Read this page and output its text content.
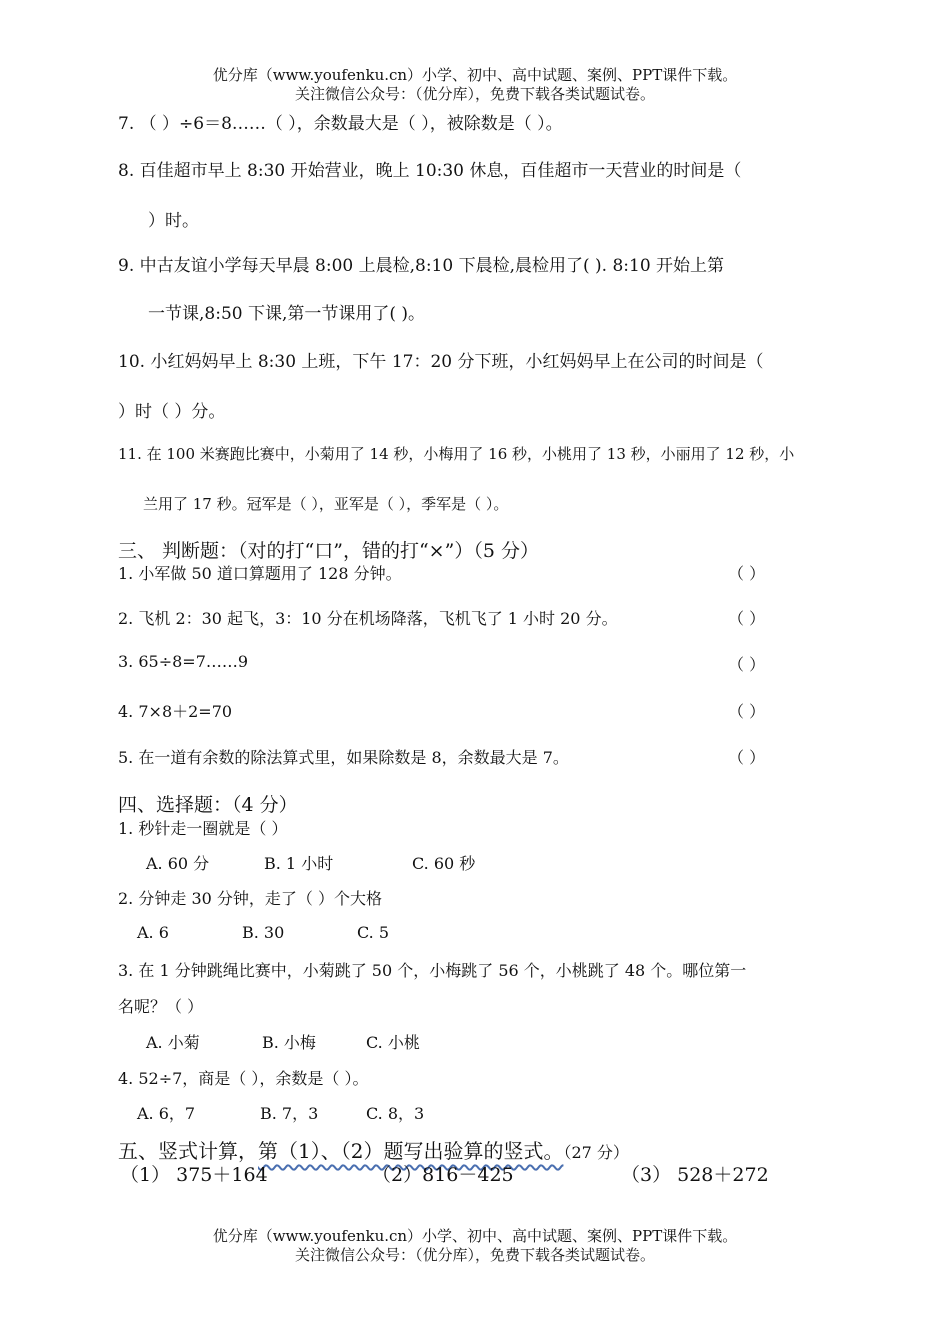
优分库（www.youfenku.cn）小学、初中、高中试题、案例、PPT课件下载。
关注微信公众号：（优分库），免费下载各类试题试卷。
7. （ ）÷6＝8……（ ），余数最大是（ ），被除数是（ ）。
8. 百佳超市早上 8:30 开始营业，晚上 10:30 休息，百佳超市一天营业的时间是（
）时。
9. 中古友谊小学每天早晨 8:00 上晨检,8:10 下晨检,晨检用了( ). 8:10 开始上第
一节课,8:50 下课,第一节课用了( )。
10. 小红妈妈早上 8:30 上班，下午 17：20 分下班，小红妈妈早上在公司的时间是（
）时（ ）分。
11. 在 100 米赛跑比赛中，小菊用了 14 秒，小梅用了 16 秒，小桃用了 13 秒，小丽用了 12 秒，小
兰用了 17 秒。冠军是（ ），亚军是（ ），季军是（ ）。
三、 判断题：（对的打“口”，错的打“×”）（5 分）
1. 小军做 50 道口算题用了 128 分钟。	（ ）
2. 飞机 2：30 起飞，3：10 分在机场降落，飞机飞了 1 小时 20 分。	（ ）
3. 65÷8=7……9	（ ）
4. 7×8＋2=70	（ ）
5. 在一道有余数的除法算式里，如果除数是 8，余数最大是 7。	（ ）
四、选择题：（4 分）
1. 秒针走一圈就是（ ）
A. 60 分	B. 1 小时	C. 60 秒
2. 分钟走 30 分钟，走了（ ）个大格
A. 6	B. 30	C. 5
3. 在 1 分钟跳绳比赛中，小菊跳了 50 个，小梅跳了 56 个，小桃跳了 48 个。哪位第一
名呢？（ ）
A. 小菊	B. 小梅	C. 小桃
4. 52÷7，商是（ ），余数是（ ）。
A. 6，7	B. 7，3	C. 8，3
五、竖式计算，第（1）、（2）题写出验算的竖式。（27 分）
（1） 375＋164	（2）816－425	（3） 528＋272
优分库（www.youfenku.cn）小学、初中、高中试题、案例、PPT课件下载。
关注微信公众号：（优分库），免费下载各类试题试卷。
